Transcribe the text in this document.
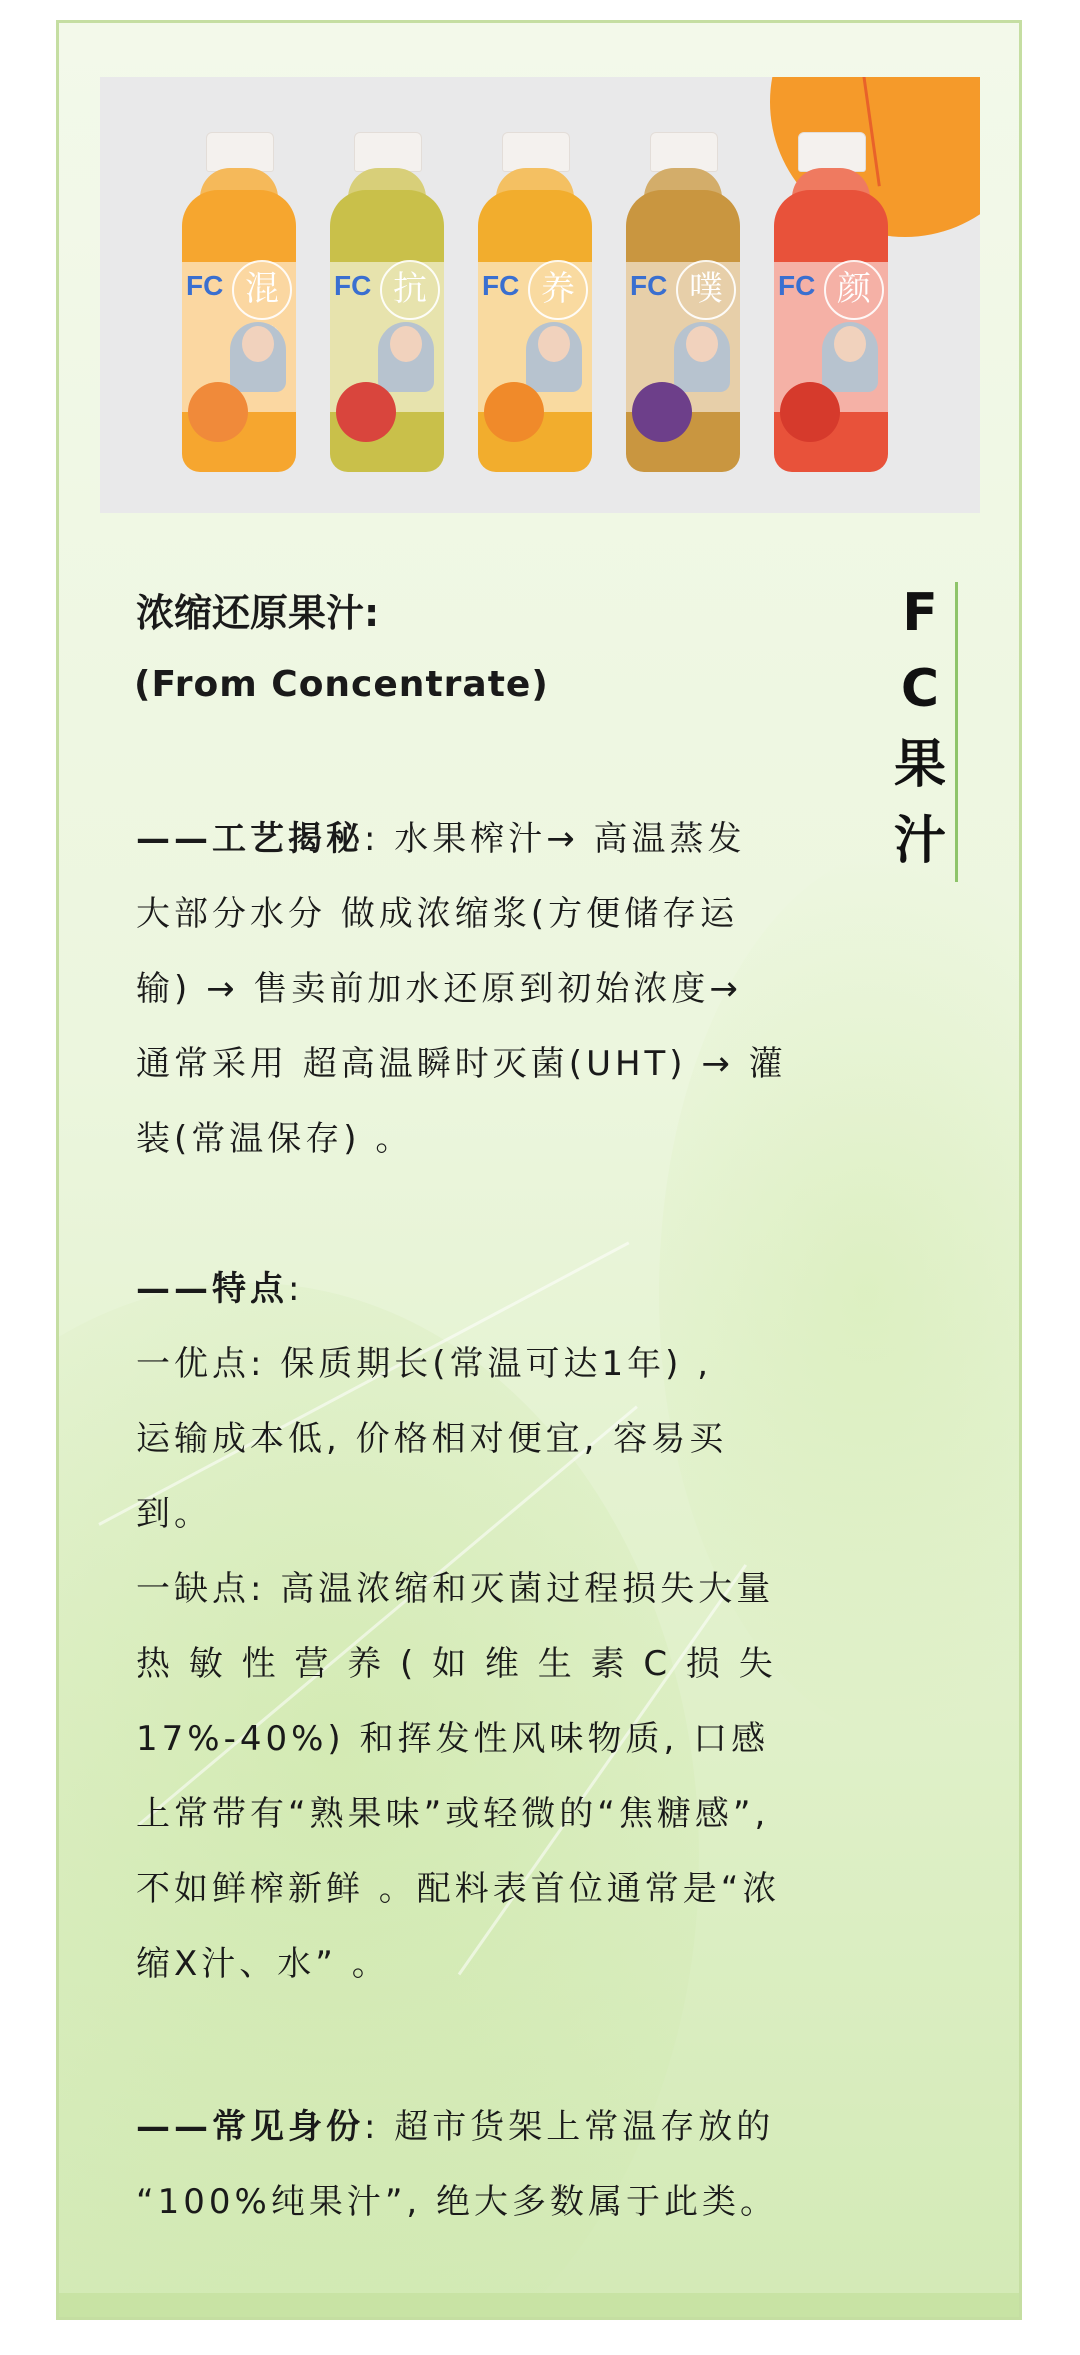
FC 混	FC 抗	FC 养	FC 噗	FC 颜
浓缩还原果汁:
(From Concentrate)
F
C
果
汁
——工艺揭秘: 水果榨汁→ 高温蒸发
大部分水分 做成浓缩浆(方便储存运
输) → 售卖前加水还原到初始浓度→
通常采用 超高温瞬时灭菌(UHT) → 灌
装(常温保存) 。
——特点:
一优点: 保质期长(常温可达1年) ,
运输成本低, 价格相对便宜, 容易买
到。
一缺点: 高温浓缩和灭菌过程损失大量
热 敏 性 营 养 ( 如 维 生 素 C 损 失
17%-40%) 和挥发性风味物质, 口感
上常带有“熟果味”或轻微的“焦糖感”,
不如鲜榨新鲜 。配料表首位通常是“浓
缩X汁、水” 。
——常见身份: 超市货架上常温存放的
“100%纯果汁”, 绝大多数属于此类。
